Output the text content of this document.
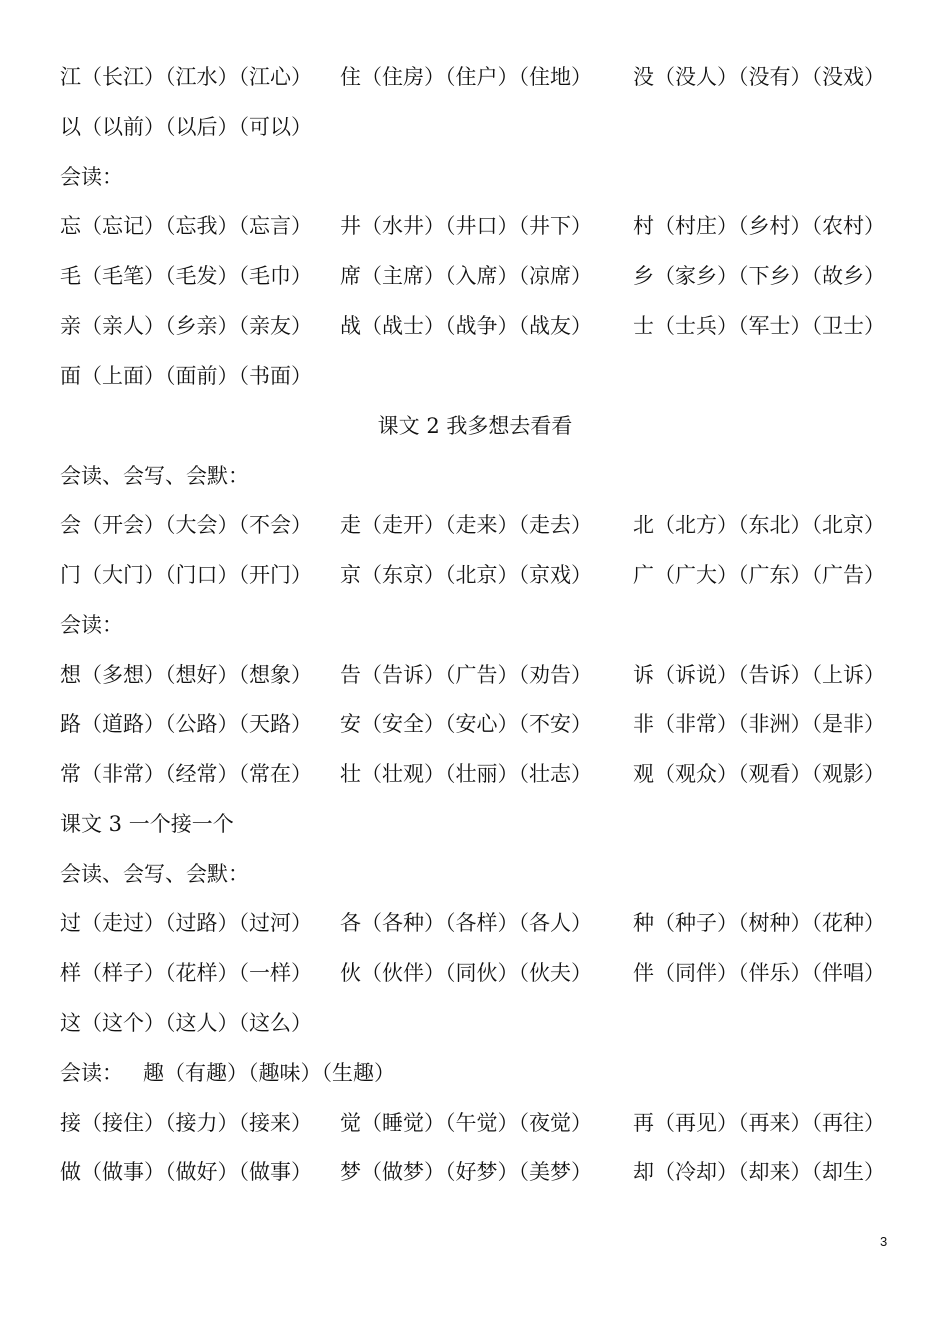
江（长江）（江水）（江心） 住（住房）（住户）（住地） 没（没人）（没有）（没戏）
以（以前）（以后）（可以）
会读：
忘（忘记）（忘我）（忘言） 井（水井）（井口）（井下） 村（村庄）（乡村）（农村）
毛（毛笔）（毛发）（毛巾） 席（主席）（入席）（凉席） 乡（家乡）（下乡）（故乡）
亲（亲人）（乡亲）（亲友） 战（战士）（战争）（战友） 士（士兵）（军士）（卫士）
面（上面）（面前）（书面）
课文 2 我多想去看看
会读、会写、会默：
会（开会）（大会）（不会） 走（走开）（走来）（走去） 北（北方）（东北）（北京）
门（大门）（门口）（开门） 京（东京）（北京）（京戏） 广（广大）（广东）（广告）
会读：
想（多想）（想好）（想象） 告（告诉）（广告）（劝告） 诉（诉说）（告诉）（上诉）
路（道路）（公路）（天路） 安（安全）（安心）（不安） 非（非常）（非洲）（是非）
常（非常）（经常）（常在） 壮（壮观）（壮丽）（壮志） 观（观众）（观看）（观影）
课文 3 一个接一个
会读、会写、会默：
过（走过）（过路）（过河） 各（各种）（各样）（各人） 种（种子）（树种）（花种）
样（样子）（花样）（一样） 伙（伙伴）（同伙）（伙夫） 伴（同伴）（伴乐）（伴唱）
这（这个）（这人）（这么）
会读：   趣（有趣）（趣味）（生趣）
接（接住）（接力）（接来） 觉（睡觉）（午觉）（夜觉） 再（再见）（再来）（再往）
做（做事）（做好）（做事） 梦（做梦）（好梦）（美梦） 却（冷却）（却来）（却生）
3
